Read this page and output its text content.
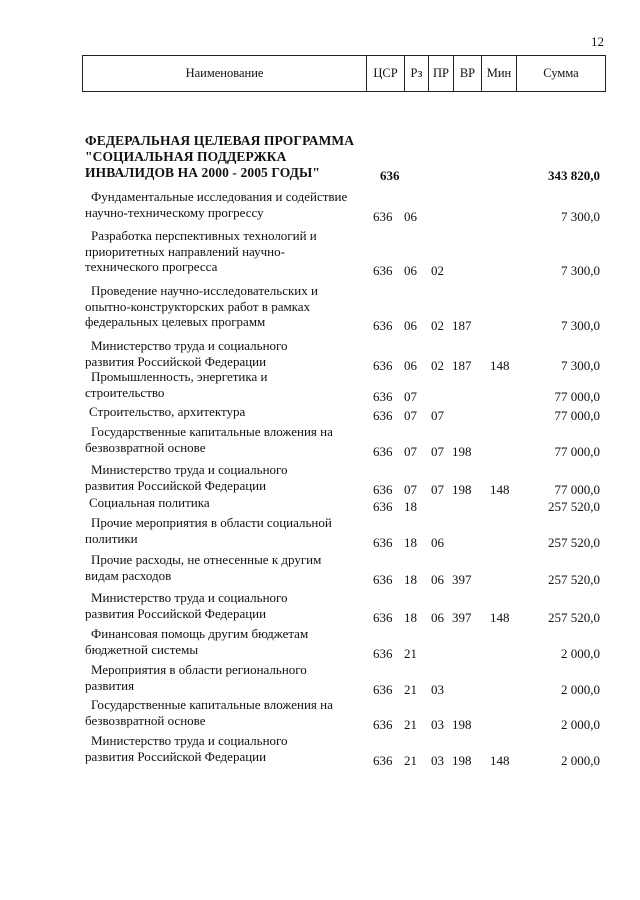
12
Наименование	ЦСР	Рз ПР ВР Мин	Сумма
ФЕДЕРАЛЬНАЯ ЦЕЛЕВАЯ ПРОГРАММА
"СОЦИАЛЬНАЯ ПОДДЕРЖКА
ИНВАЛИДОВ НА 2000 - 2005 ГОДЫ"	636	343 820,0
Фундаментальные исследования и содействие
научно-техническому прогрессу	636 06	7 300,0
Разработка перспективных технологий и
приоритетных направлений научно-
технического прогресса	636 06 02	7 300,0
Проведение научно-исследовательских и
опытно-конструкторских работ в рамках
федеральных целевых программ	636 06 02 187	7 300,0
Министерство труда и социального
развития Российской Федерации	636 06 02 187 148	7 300,0
Промышленность, энергетика и
строительство	636 07	77 000,0
Строительство, архитектура	636 07 07	77 000,0
Государственные капитальные вложения на
безвозвратной основе	636 07 07 198	77 000,0
Министерство труда и социального
развития Российской Федерации	636 07 07 198 148	77 000,0
Социальная политика	636 18	257 520,0
Прочие мероприятия в области социальной
политики	636 18 06	257 520,0
Прочие расходы, не отнесенные к другим
видам расходов	636 18 06 397	257 520,0
Министерство труда и социального
развития Российской Федерации	636 18 06 397 148	257 520,0
Финансовая помощь другим бюджетам
бюджетной системы	636 21	2 000,0
Мероприятия в области регионального
развития	636 21 03	2 000,0
Государственные капитальные вложения на
безвозвратной основе	636 21 03 198	2 000,0
Министерство труда и социального
развития Российской Федерации	636 21 03 198 148	2 000,0
